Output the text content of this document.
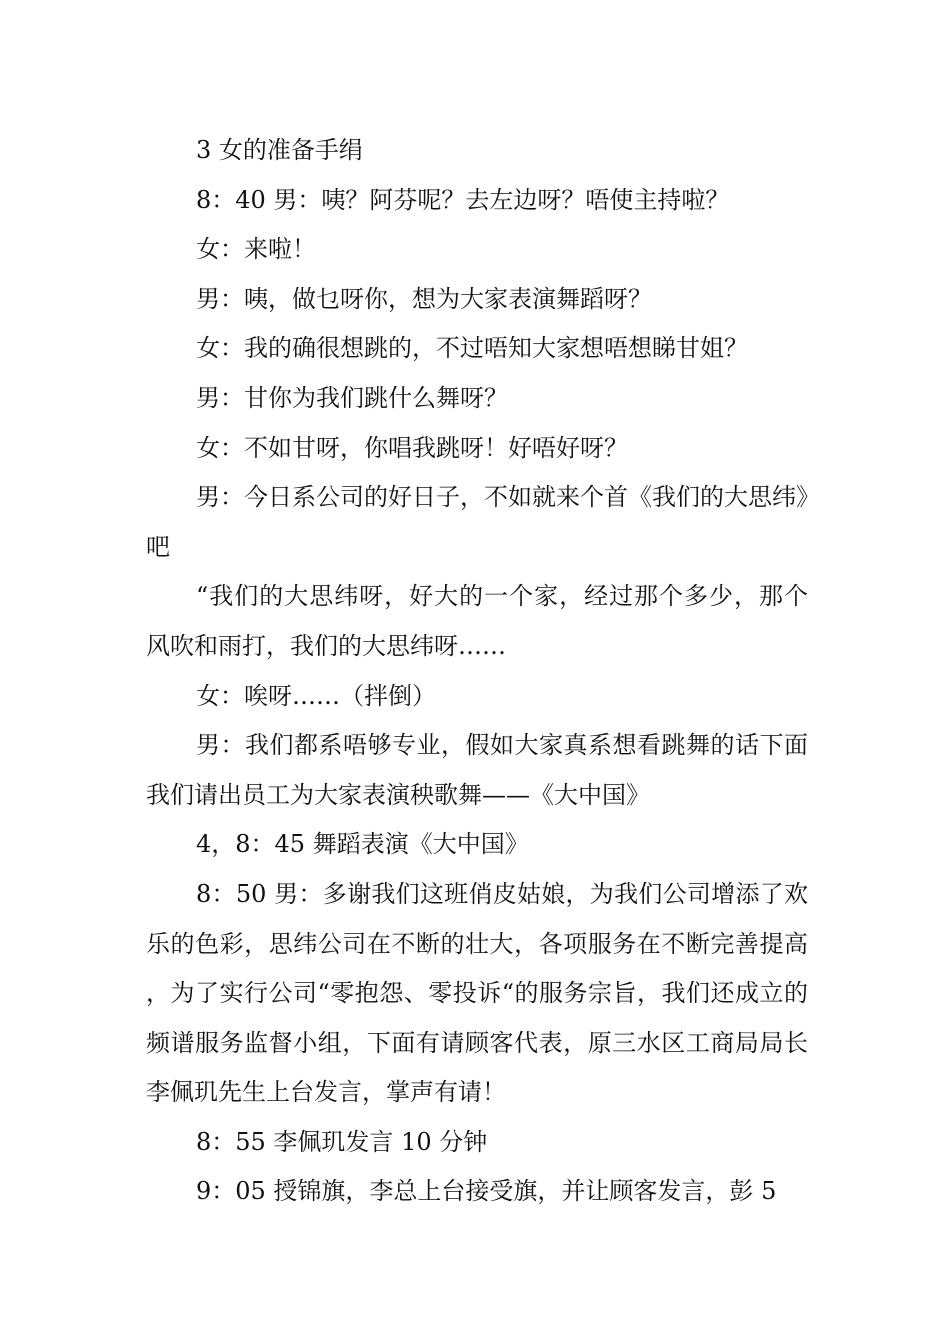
3 女的准备手绢

8：40 男：咦？阿芬呢？去左边呀？唔使主持啦？

女：来啦！

男：咦，做乜呀你，想为大家表演舞蹈呀？

女：我的确很想跳的，不过唔知大家想唔想睇甘姐？

男：甘你为我们跳什么舞呀？

女：不如甘呀，你唱我跳呀！好唔好呀？

男：今日系公司的好日子，不如就来个首《我们的大思纬》吧

“我们的大思纬呀，好大的一个家，经过那个多少，那个风吹和雨打，我们的大思纬呀……

女：唉呀……（拌倒）

男：我们都系唔够专业，假如大家真系想看跳舞的话下面我们请出员工为大家表演秧歌舞——《大中国》

4，8：45 舞蹈表演《大中国》

8：50 男：多谢我们这班俏皮姑娘，为我们公司增添了欢乐的色彩，思纬公司在不断的壮大，各项服务在不断完善提高，为了实行公司“零抱怨、零投诉“的服务宗旨，我们还成立的频谱服务监督小组，下面有请顾客代表，原三水区工商局局长李佩玑先生上台发言，掌声有请！

8：55 李佩玑发言 10 分钟

9：05 授锦旗，李总上台接受旗，并让顾客发言，彭 5
